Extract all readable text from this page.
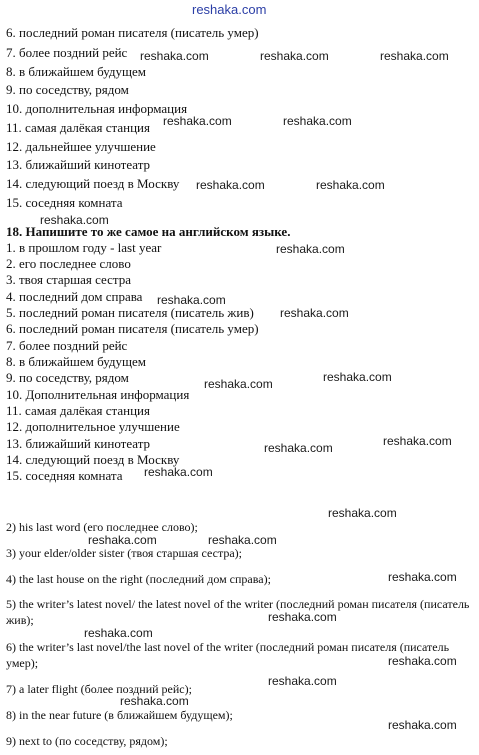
6. последний роман писателя (писатель умер)
7. более поздний рейс
8. в ближайшем будущем
9. по соседству, рядом
10. дополнительная информация
11. самая далёкая станция
12. дальнейшее улучшение
13. ближайший кинотеатр
14. следующий поезд в Москву
15. соседняя комната
18. Напишите то же самое на английском языке.
1. в прошлом году - last year
2. его последнее слово
3. твоя старшая сестра
4. последний дом справа
5. последний роман писателя (писатель жив)
6. последний роман писателя (писатель умер)
7. более поздний рейс
8. в ближайшем будущем
9. по соседству, рядом
10. Дополнительная информация
11. самая далёкая станция
12. дополнительное улучшение
13. ближайший кинотеатр
14. следующий поезд в Москву
15. соседняя комната
2) his last word (его последнее слово);
3) your elder/older sister (твоя старшая сестра);
4) the last house on the right (последний дом справа);
5) the writer’s latest novel/ the latest novel of the writer (последний роман писателя (писатель жив);
6) the writer’s last novel/the last novel of the writer (последний роман писателя (писатель умер);
7) a later flight (более поздний рейс);
8) in the near future (в ближайшем будущем);
9) next to (по соседству, рядом);
reshaka.com
reshaka.com	reshaka.com	reshaka.com
reshaka.com	reshaka.com
reshaka.com	reshaka.com
reshaka.com
reshaka.com
reshaka.com
reshaka.com
reshaka.com
reshaka.com
reshaka.com
reshaka.com
reshaka.com
reshaka.com
reshaka.com	reshaka.com
reshaka.com
reshaka.com
reshaka.com
reshaka.com
reshaka.com
reshaka.com
reshaka.com
